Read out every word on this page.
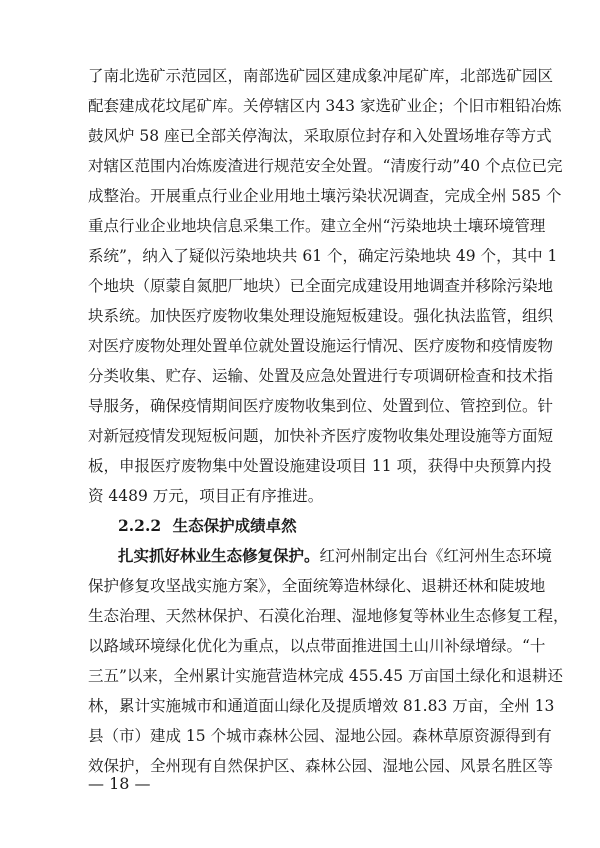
了南北选矿示范园区，南部选矿园区建成象冲尾矿库，北部选矿园区
配套建成花坟尾矿库。关停辖区内 343 家选矿业企；个旧市粗铅冶炼
鼓风炉 58 座已全部关停淘汰，采取原位封存和入处置场堆存等方式
对辖区范围内冶炼废渣进行规范安全处置。“清废行动”40 个点位已完
成整治。开展重点行业企业用地土壤污染状况调查，完成全州 585 个
重点行业企业地块信息采集工作。建立全州“污染地块土壤环境管理
系统”，纳入了疑似污染地块共 61 个，确定污染地块 49 个，其中 1
个地块（原蒙自氮肥厂地块）已全面完成建设用地调查并移除污染地
块系统。加快医疗废物收集处理设施短板建设。强化执法监管，组织
对医疗废物处理处置单位就处置设施运行情况、医疗废物和疫情废物
分类收集、贮存、运输、处置及应急处置进行专项调研检查和技术指
导服务，确保疫情期间医疗废物收集到位、处置到位、管控到位。针
对新冠疫情发现短板问题，加快补齐医疗废物收集处理设施等方面短
板，申报医疗废物集中处置设施建设项目 11 项，获得中央预算内投
资 4489 万元，项目正有序推进。
2.2.2 生态保护成绩卓然
扎实抓好林业生态修复保护。红河州制定出台《红河州生态环境
保护修复攻坚战实施方案》，全面统筹造林绿化、退耕还林和陡坡地
生态治理、天然林保护、石漠化治理、湿地修复等林业生态修复工程，
以路域环境绿化优化为重点，以点带面推进国土山川补绿增绿。“十
三五”以来，全州累计实施营造林完成 455.45 万亩国土绿化和退耕还
林，累计实施城市和通道面山绿化及提质增效 81.83 万亩，全州 13
县（市）建成 15 个城市森林公园、湿地公园。森林草原资源得到有
效保护，全州现有自然保护区、森林公园、湿地公园、风景名胜区等
— 18 —
